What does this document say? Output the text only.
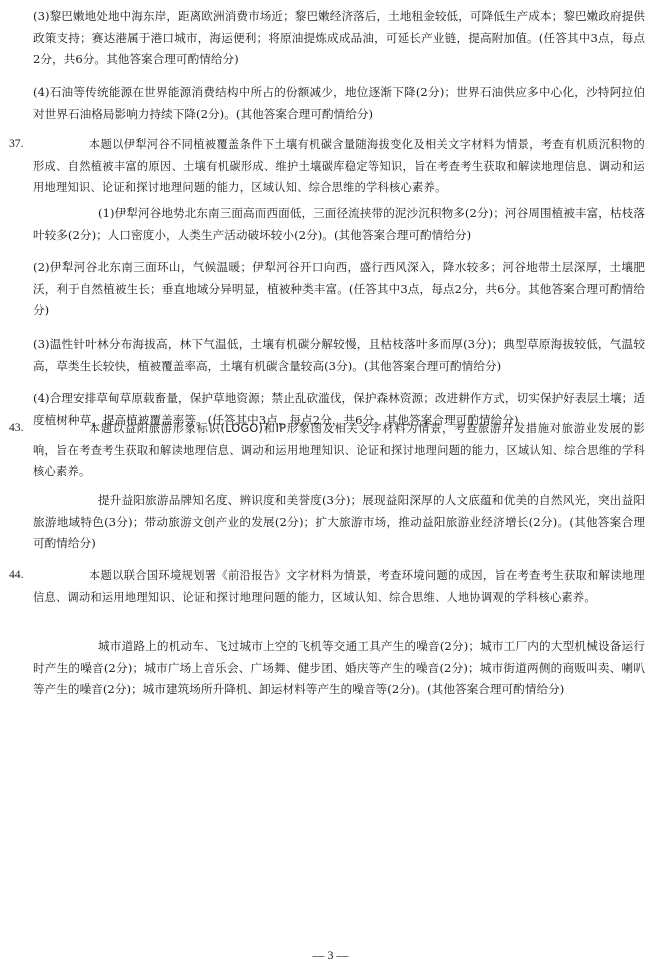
(3)黎巴嫩地处地中海东岸，距离欧洲消费市场近；黎巴嫩经济落后，土地租金较低，可降低生产成本；黎巴嫩政府提供政策支持；赛达港属于港口城市，海运便利；将原油提炼成成品油，可延长产业链，提高附加值。(任答其中3点，每点2分，共6分。其他答案合理可酌情给分)

(4)石油等传统能源在世界能源消费结构中所占的份额减少，地位逐渐下降(2分)；世界石油供应多中心化，沙特阿拉伯对世界石油格局影响力持续下降(2分)。(其他答案合理可酌情给分)

37.	本题以伊犁河谷不同植被覆盖条件下土壤有机碳含量随海拔变化及相关文字材料为情景，考查有机质沉积物的形成、自然植被丰富的原因、土壤有机碳形成、维护土壤碳库稳定等知识，旨在考查考生获取和解读地理信息、调动和运用地理知识、论证和探讨地理问题的能力，区域认知、综合思维的学科核心素养。

(1)伊犁河谷地势北东南三面高而西面低，三面径流挟带的泥沙沉积物多(2分)；河谷周围植被丰富，枯枝落叶较多(2分)；人口密度小，人类生产活动破坏较小(2分)。(其他答案合理可酌情给分)

(2)伊犁河谷北东南三面环山，气候温暖；伊犁河谷开口向西，盛行西风深入，降水较多；河谷地带土层深厚，土壤肥沃，利于自然植被生长；垂直地域分异明显，植被种类丰富。(任答其中3点，每点2分，共6分。其他答案合理可酌情给分)

(3)温性针叶林分布海拔高，林下气温低，土壤有机碳分解较慢，且枯枝落叶多而厚(3分)；典型草原海拔较低，气温较高，草类生长较快，植被覆盖率高，土壤有机碳含量较高(3分)。(其他答案合理可酌情给分)

(4)合理安排草甸草原载畜量，保护草地资源；禁止乱砍滥伐，保护森林资源；改进耕作方式，切实保护好表层土壤；适度植树种草，提高植被覆盖率等。(任答其中3点，每点2分，共6分。其他答案合理可酌情给分)

43.	本题以益阳旅游形象标识(LOGO)和IP形象图及相关文字材料为情景，考查旅游开发措施对旅游业发展的影响，旨在考查考生获取和解读地理信息、调动和运用地理知识、论证和探讨地理问题的能力，区域认知、综合思维的学科核心素养。

提升益阳旅游品牌知名度、辨识度和美誉度(3分)；展现益阳深厚的人文底蕴和优美的自然风光，突出益阳旅游地域特色(3分)；带动旅游文创产业的发展(2分)；扩大旅游市场，推动益阳旅游业经济增长(2分)。(其他答案合理可酌情给分)

44.	本题以联合国环境规划署《前沿报告》文字材料为情景，考查环境问题的成因，旨在考查考生获取和解读地理信息、调动和运用地理知识、论证和探讨地理问题的能力，区域认知、综合思维、人地协调观的学科核心素养。

城市道路上的机动车、飞过城市上空的飞机等交通工具产生的噪音(2分)；城市工厂内的大型机械设备运行时产生的噪音(2分)；城市广场上音乐会、广场舞、健步团、婚庆等产生的噪音(2分)；城市街道两侧的商贩叫卖、喇叭等产生的噪音(2分)；城市建筑场所升降机、卸运材料等产生的噪音等(2分)。(其他答案合理可酌情给分)

— 3 —
